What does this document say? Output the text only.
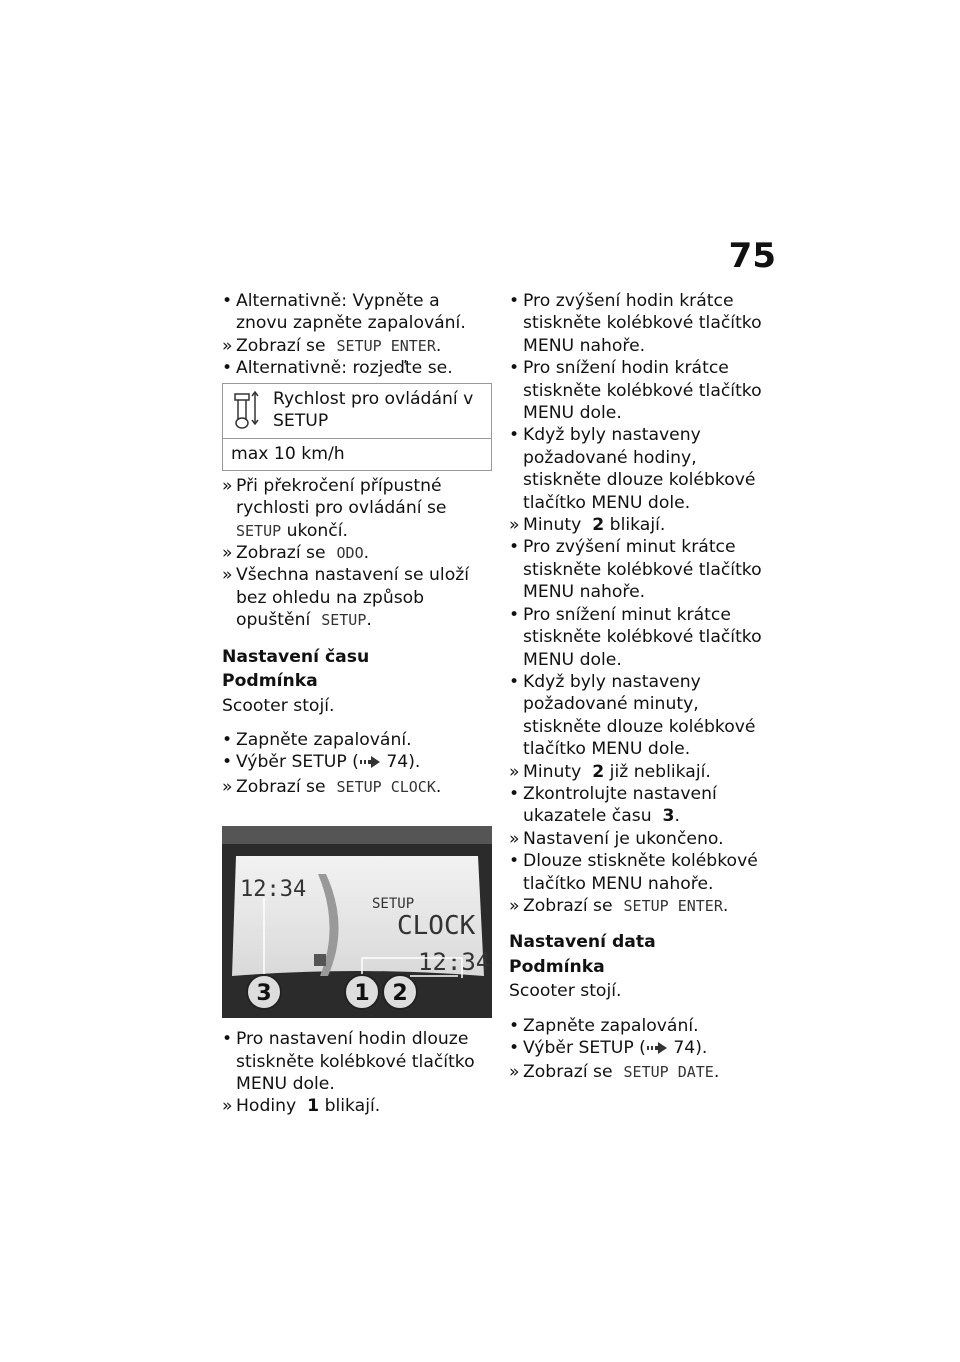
75

• Alternativně: Vypněte a znovu zapněte zapalování.

» Zobrazí se SETUP ENTER.

• Alternativně: rozjeďte se.

Rychlost pro ovládání v SETUP
max 10 km/h

» Při překročení přípustné rychlosti pro ovládání se  SETUP ukončí.

» Zobrazí se ODO.

» Všechna nastavení se uloží bez ohledu na způsob opuštění SETUP.

Nastavení času
Podmínka
Scooter stojí.

• Zapněte zapalování.

• Výběr SETUP ( 74).

» Zobrazí se SETUP CLOCK.

12:34
SETUP
CLOCK
12:34
3	1 2

• Pro nastavení hodin dlouze stiskněte kolébkové tlačítko MENU dole.

» Hodiny 1 blikají.

• Pro zvýšení hodin krátce stiskněte kolébkové tlačítko MENU nahoře.

• Pro snížení hodin krátce stiskněte kolébkové tlačítko MENU dole.

• Když byly nastaveny požadované hodiny, stiskněte dlouze kolébkové tlačítko MENU dole.

» Minuty 2 blikají.

• Pro zvýšení minut krátce stiskněte kolébkové tlačítko MENU nahoře.

• Pro snížení minut krátce stiskněte kolébkové tlačítko MENU dole.

• Když byly nastaveny požadované minuty, stiskněte dlouze kolébkové tlačítko MENU dole.

» Minuty 2 již neblikají.

• Zkontrolujte nastavení ukazatele času 3.

» Nastavení je ukončeno.

• Dlouze stiskněte kolébkové tlačítko MENU nahoře.

» Zobrazí se SETUP ENTER.

Nastavení data
Podmínka
Scooter stojí.

• Zapněte zapalování.

• Výběr SETUP ( 74).

» Zobrazí se SETUP DATE.
